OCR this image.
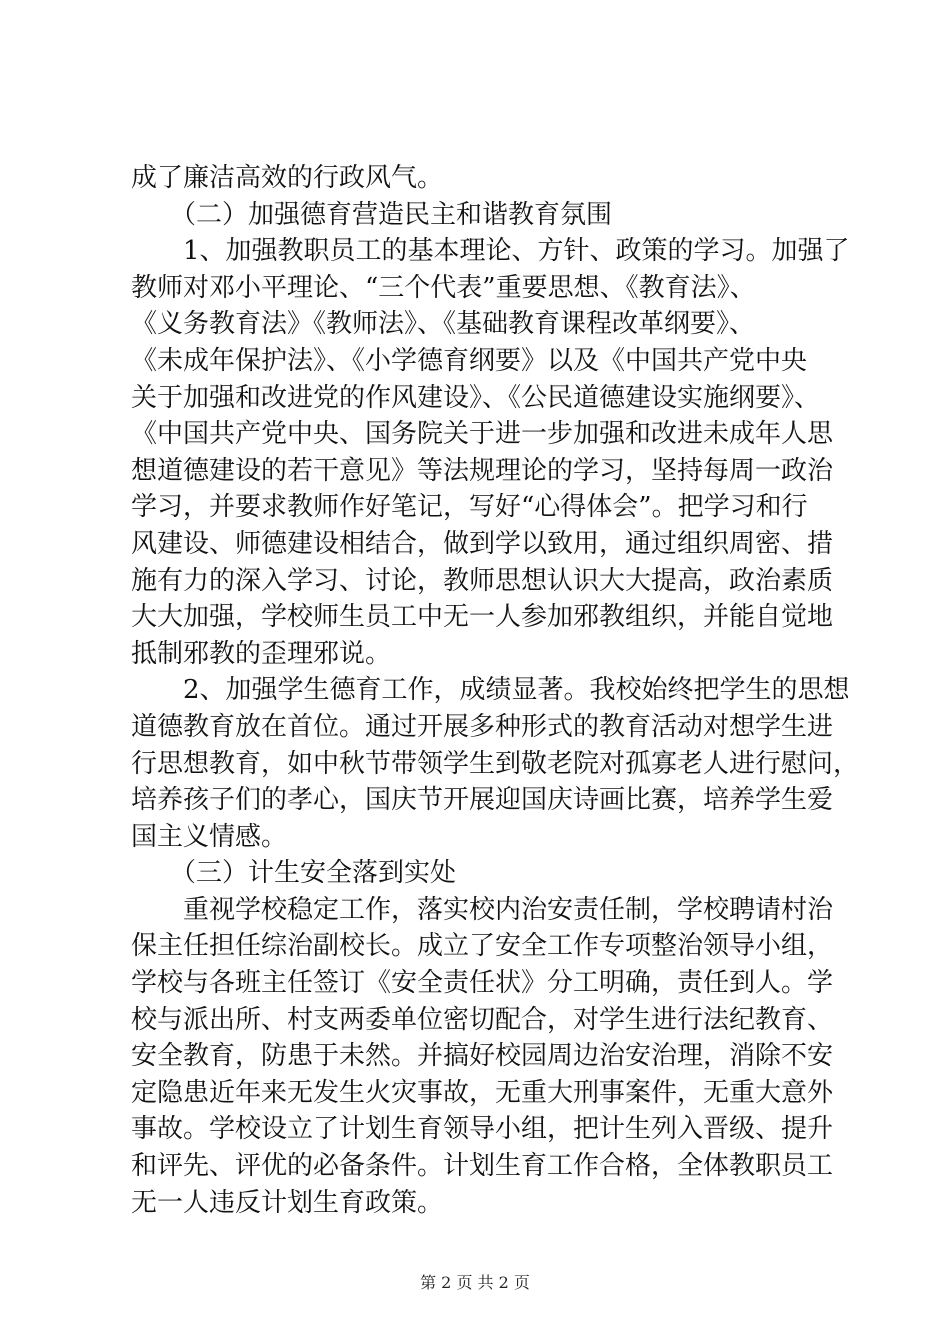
成了廉洁高效的行政风气。
　　（二）加强德育营造民主和谐教育氛围
　　1、加强教职员工的基本理论、方针、政策的学习。加强了
教师对邓小平理论、“三个代表”重要思想、《教育法》、
《义务教育法》《教师法》、《基础教育课程改革纲要》、
《未成年保护法》、《小学德育纲要》以及《中国共产党中央
关于加强和改进党的作风建设》、《公民道德建设实施纲要》、
《中国共产党中央、国务院关于进一步加强和改进未成年人思
想道德建设的若干意见》等法规理论的学习，坚持每周一政治
学习，并要求教师作好笔记，写好“心得体会”。把学习和行
风建设、师德建设相结合，做到学以致用，通过组织周密、措
施有力的深入学习、讨论，教师思想认识大大提高，政治素质
大大加强，学校师生员工中无一人参加邪教组织，并能自觉地
抵制邪教的歪理邪说。
　　2、加强学生德育工作，成绩显著。我校始终把学生的思想
道德教育放在首位。通过开展多种形式的教育活动对想学生进
行思想教育，如中秋节带领学生到敬老院对孤寡老人进行慰问，
培养孩子们的孝心，国庆节开展迎国庆诗画比赛，培养学生爱
国主义情感。
　　（三）计生安全落到实处
　　重视学校稳定工作，落实校内治安责任制，学校聘请村治
保主任担任综治副校长。成立了安全工作专项整治领导小组，
学校与各班主任签订《安全责任状》分工明确，责任到人。学
校与派出所、村支两委单位密切配合，对学生进行法纪教育、
安全教育，防患于未然。并搞好校园周边治安治理，消除不安
定隐患近年来无发生火灾事故，无重大刑事案件，无重大意外
事故。学校设立了计划生育领导小组，把计生列入晋级、提升
和评先、评优的必备条件。计划生育工作合格，全体教职员工
无一人违反计划生育政策。
第 2 页 共 2 页
